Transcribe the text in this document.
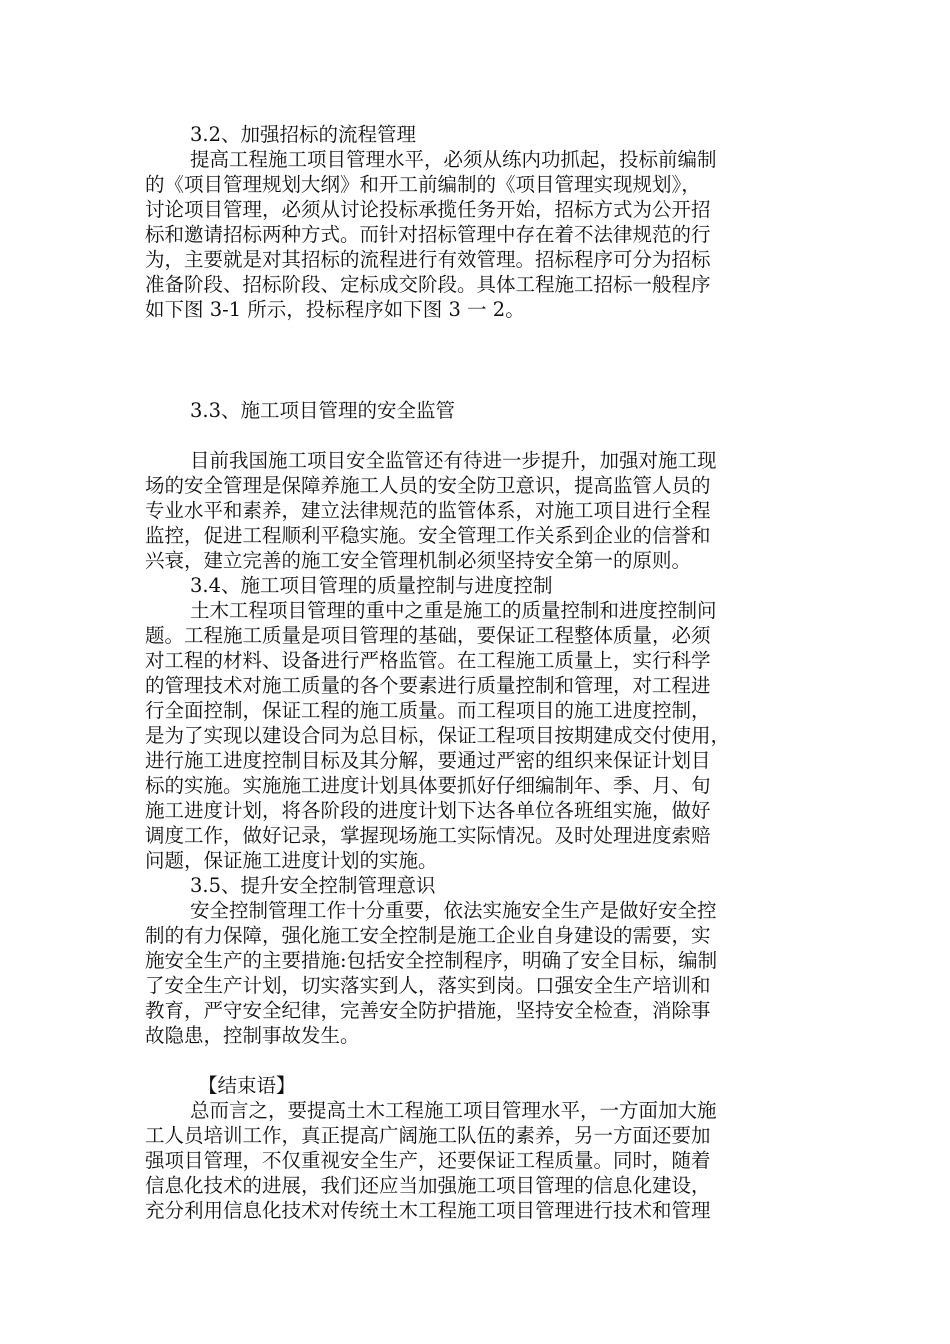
3.2、加强招标的流程管理
提高工程施工项目管理水平，必须从练内功抓起，投标前编制
的《项目管理规划大纲》和开工前编制的《项目管理实现规划》，
讨论项目管理，必须从讨论投标承揽任务开始，招标方式为公开招
标和邀请招标两种方式。而针对招标管理中存在着不法律规范的行
为，主要就是对其招标的流程进行有效管理。招标程序可分为招标
准备阶段、招标阶段、定标成交阶段。具体工程施工招标一般程序
如下图 3-1 所示，投标程序如下图 3 一 2。
3.3、施工项目管理的安全监管
目前我国施工项目安全监管还有待进一步提升，加强对施工现
场的安全管理是保障养施工人员的安全防卫意识，提高监管人员的
专业水平和素养，建立法律规范的监管体系，对施工项目进行全程
监控，促进工程顺利平稳实施。安全管理工作关系到企业的信誉和
兴衰，建立完善的施工安全管理机制必须坚持安全第一的原则。
3.4、施工项目管理的质量控制与进度控制
土木工程项目管理的重中之重是施工的质量控制和进度控制问
题。工程施工质量是项目管理的基础，要保证工程整体质量，必须
对工程的材料、设备进行严格监管。在工程施工质量上，实行科学
的管理技术对施工质量的各个要素进行质量控制和管理，对工程进
行全面控制，保证工程的施工质量。而工程项目的施工进度控制，
是为了实现以建设合同为总目标，保证工程项目按期建成交付使用，
进行施工进度控制目标及其分解，要通过严密的组织来保证计划目
标的实施。实施施工进度计划具体要抓好仔细编制年、季、月、旬
施工进度计划，将各阶段的进度计划下达各单位各班组实施，做好
调度工作，做好记录，掌握现场施工实际情况。及时处理进度索赔
问题，保证施工进度计划的实施。
3.5、提升安全控制管理意识
安全控制管理工作十分重要，依法实施安全生产是做好安全控
制的有力保障，强化施工安全控制是施工企业自身建设的需要，实
施安全生产的主要措施:包括安全控制程序，明确了安全目标，编制
了安全生产计划，切实落实到人，落实到岗。口强安全生产培训和
教育，严守安全纪律，完善安全防护措施，坚持安全检查，消除事
故隐患，控制事故发生。
【结束语】
总而言之，要提高土木工程施工项目管理水平，一方面加大施
工人员培训工作，真正提高广阔施工队伍的素养，另一方面还要加
强项目管理，不仅重视安全生产，还要保证工程质量。同时，随着
信息化技术的进展，我们还应当加强施工项目管理的信息化建设，
充分利用信息化技术对传统土木工程施工项目管理进行技术和管理
